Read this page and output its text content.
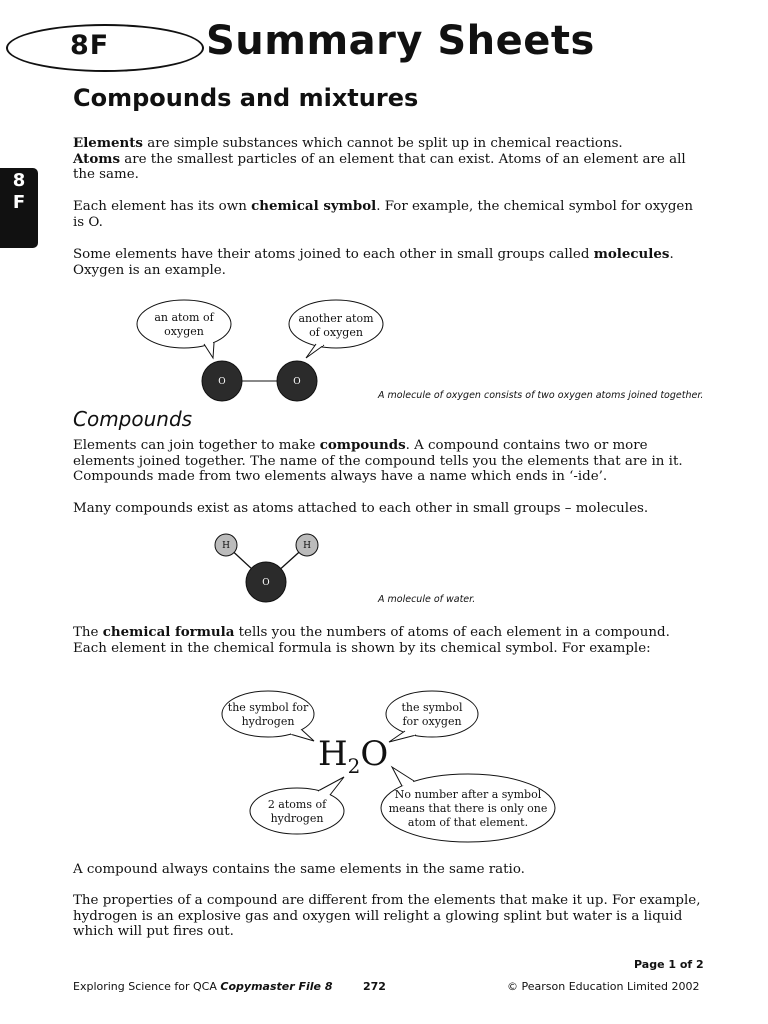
8F Summary Sheets
Compounds and mixtures
8
F

Elements are simple substances which cannot be split up in chemical reactions.
Atoms are the smallest particles of an element that can exist. Atoms of an element are all the same.

Each element has its own chemical symbol. For example, the chemical symbol for oxygen is O.

Some elements have their atoms joined to each other in small groups called molecules. Oxygen is an example.

an atom of
oxygen
another atom
of oxygen
O	O
H	H
O
the symbol for
hydrogen
the symbol
for oxygen
2 atoms of
hydrogen
No number after a symbol
means that there is only one
atom of that element.
A molecule of oxygen consists of two oxygen atoms joined together.
Compounds

Elements can join together to make compounds. A compound contains two or more elements joined together. The name of the compound tells you the elements that are in it. Compounds made from two elements always have a name which ends in ‘-ide’.

Many compounds exist as atoms attached to each other in small groups – molecules.

A molecule of water.

The chemical formula tells you the numbers of atoms of each element in a compound. Each element in the chemical formula is shown by its chemical symbol. For example:

$H_2O$

A compound always contains the same elements in the same ratio.

The properties of a compound are different from the elements that make it up. For example, hydrogen is an explosive gas and oxygen will relight a glowing splint but water is a liquid which will put fires out.

Page 1 of 2
Exploring Science for QCA Copymaster File 8	272	© Pearson Education Limited 2002
